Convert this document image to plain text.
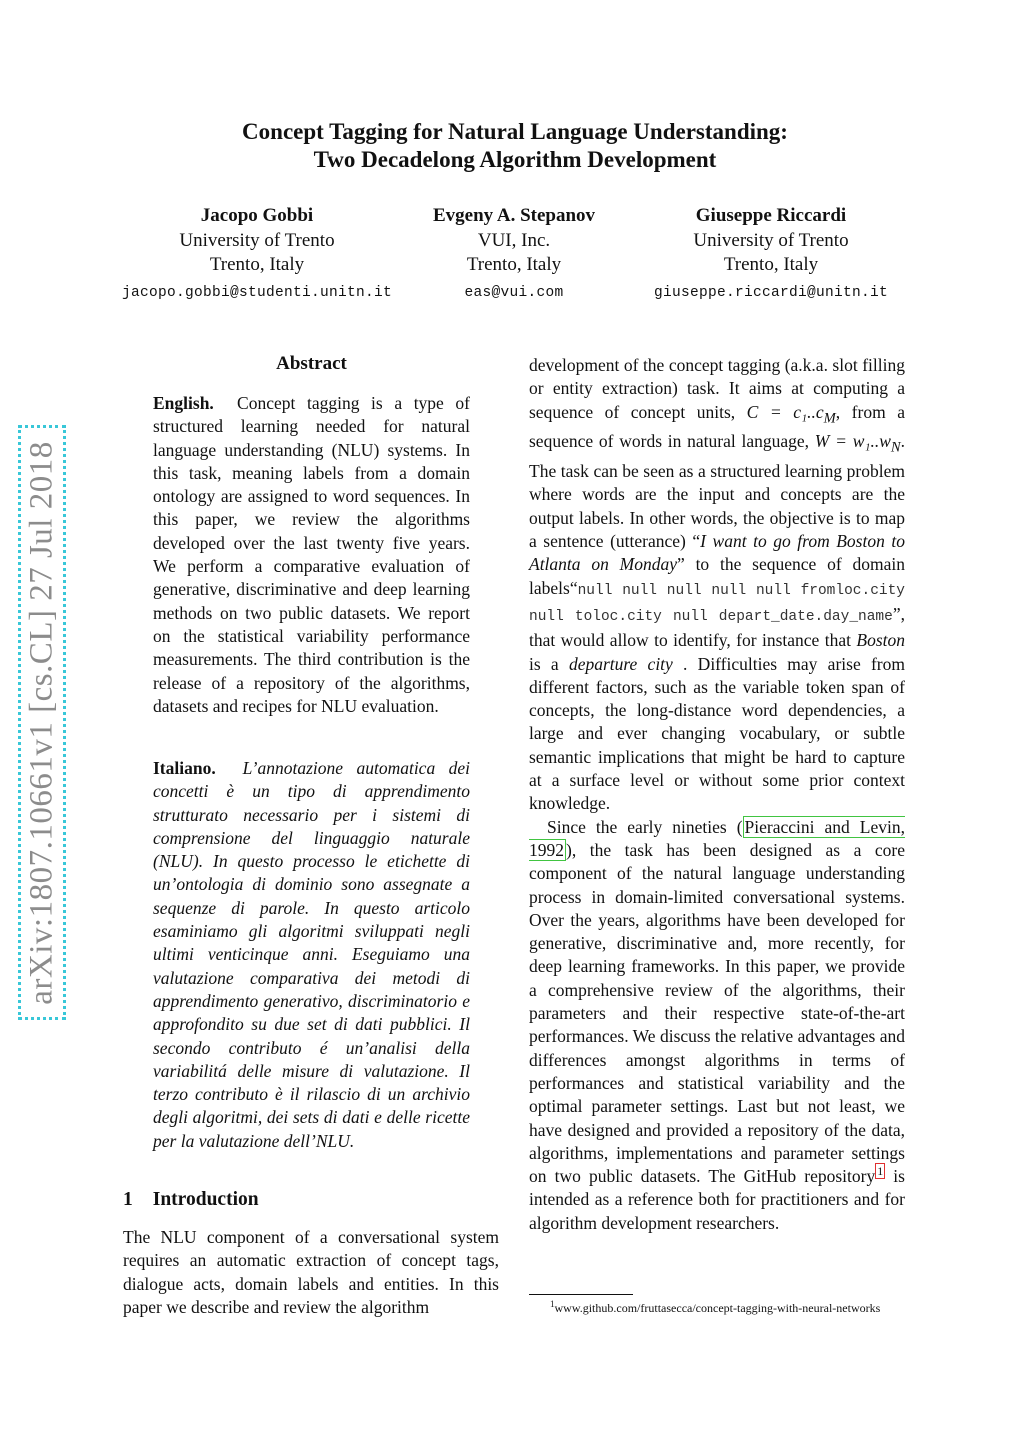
arXiv:1807.10661v1 [cs.CL] 27 Jul 2018
Concept Tagging for Natural Language Understanding:
Two Decadelong Algorithm Development
Jacopo Gobbi
University of Trento
Trento, Italy
jacopo.gobbi@studenti.unitn.it
Evgeny A. Stepanov
VUI, Inc.
Trento, Italy
eas@vui.com
Giuseppe Riccardi
University of Trento
Trento, Italy
giuseppe.riccardi@unitn.it
Abstract
English. Concept tagging is a type of structured learning needed for natural language understanding (NLU) systems. In this task, meaning labels from a domain ontology are assigned to word sequences. In this paper, we review the algorithms developed over the last twenty five years. We perform a comparative evaluation of generative, discriminative and deep learning methods on two public datasets. We report on the statistical variability performance measurements. The third contribution is the release of a repository of the algorithms, datasets and recipes for NLU evaluation.
Italiano. L’annotazione automatica dei concetti è un tipo di apprendimento strutturato necessario per i sistemi di comprensione del linguaggio naturale (NLU). In questo processo le etichette di un’ontologia di dominio sono assegnate a sequenze di parole. In questo articolo esaminiamo gli algoritmi sviluppati negli ultimi venticinque anni. Eseguiamo una valutazione comparativa dei metodi di apprendimento generativo, discriminatorio e approfondito su due set di dati pubblici. Il secondo contributo é un’analisi della variabilitá delle misure di valutazione. Il terzo contributo è il rilascio di un archivio degli algoritmi, dei sets di dati e delle ricette per la valutazione dell’NLU.
1 Introduction
The NLU component of a conversational system requires an automatic extraction of concept tags, dialogue acts, domain labels and entities. In this paper we describe and review the algorithm

development of the concept tagging (a.k.a. slot filling or entity extraction) task. It aims at computing a sequence of concept units, $C = c_1..c_M$, from a sequence of words in natural language, $W = w_1..w_N$. The task can be seen as a structured learning problem where words are the input and concepts are the output labels. In other words, the objective is to map a sentence (utterance) “I want to go from Boston to Atlanta on Monday” to the sequence of domain labels“null null null null null fromloc.city null toloc.city null depart_date.day_name”, that would allow to identify, for instance that Boston is a departure city . Difficulties may arise from different factors, such as the variable token span of concepts, the long-distance word dependencies, a large and ever changing vocabulary, or subtle semantic implications that might be hard to capture at a surface level or without some prior context knowledge.

Since the early nineties ( Pieraccini and Levin, 1992 ), the task has been designed as a core component of the natural language understanding process in domain-limited conversational systems. Over the years, algorithms have been developed for generative, discriminative and, more recently, for deep learning frameworks. In this paper, we provide a comprehensive review of the algorithms, their parameters and their respective state-of-the-art performances. We discuss the relative advantages and differences amongst algorithms in terms of performances and statistical variability and the optimal parameter settings. Last but not least, we have designed and provided a repository of the data, algorithms, implementations and parameter settings on two public datasets. The GitHub repository $^1$ is intended as a reference both for practitioners and for algorithm development researchers.

$^1$www.github.com/fruttasecca/concept-tagging-with-neural-networks
